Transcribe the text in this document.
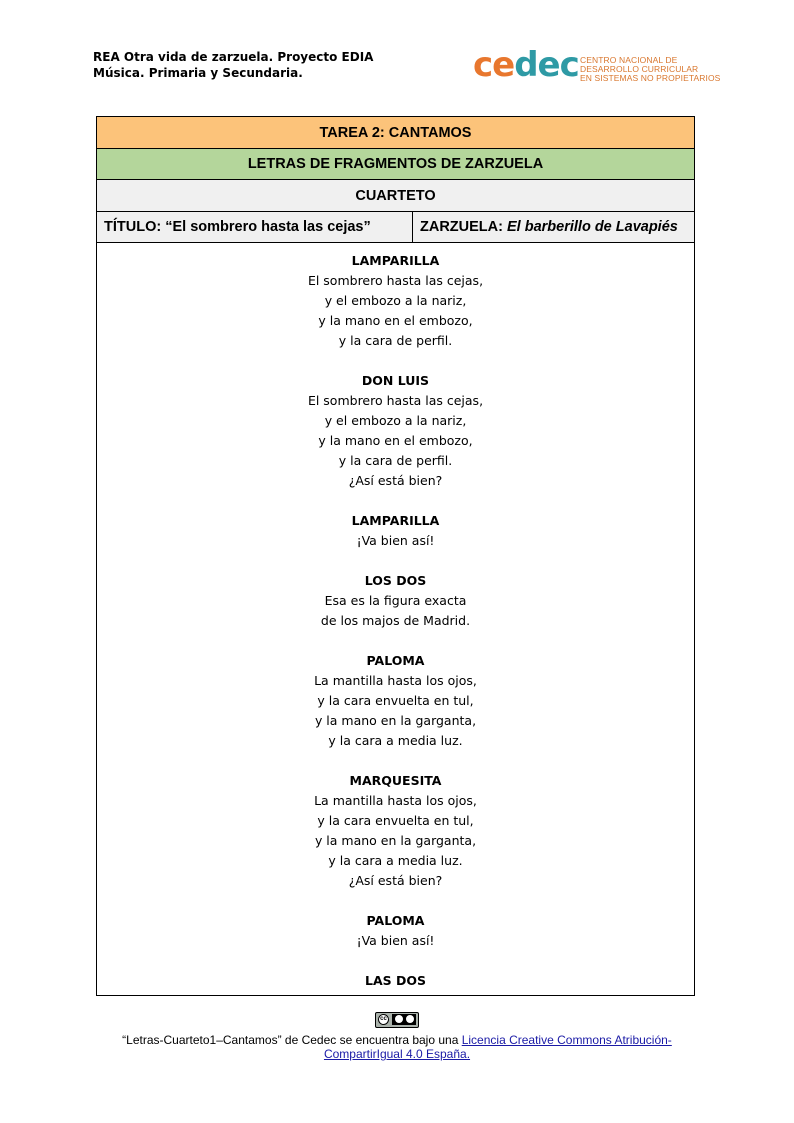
REA Otra vida de zarzuela. Proyecto EDIA
Música. Primaria y Secundaria.	cedec CENTRO NACIONAL DE
DESARROLLO CURRICULAR
EN SISTEMAS NO PROPIETARIOS
TAREA 2: CANTAMOS
LETRAS DE FRAGMENTOS DE ZARZUELA
CUARTETO
TÍTULO:
“El sombrero hasta las cejas”	ZARZUELA:
El barberillo de Lavapiés
LAMPARILLA
El sombrero hasta las cejas,
y el embozo a la nariz,
y la mano en el embozo,
y la cara de perfil.
DON LUIS
El sombrero hasta las cejas,
y el embozo a la nariz,
y la mano en el embozo,
y la cara de perfil.
¿Así está bien?
LAMPARILLA
¡Va bien así!
LOS DOS
Esa es la figura exacta
de los majos de Madrid.
PALOMA
La mantilla hasta los ojos,
y la cara envuelta en tul,
y la mano en la garganta,
y la cara a media luz.
MARQUESITA
La mantilla hasta los ojos,
y la cara envuelta en tul,
y la mano en la garganta,
y la cara a media luz.
¿Así está bien?
PALOMA
¡Va bien así!
LAS DOS
cc
“Letras-Cuarteto1–Cantamos” de Cedec se encuentra bajo una Licencia Creative Commons Atribución-
CompartirIgual 4.0 España.
